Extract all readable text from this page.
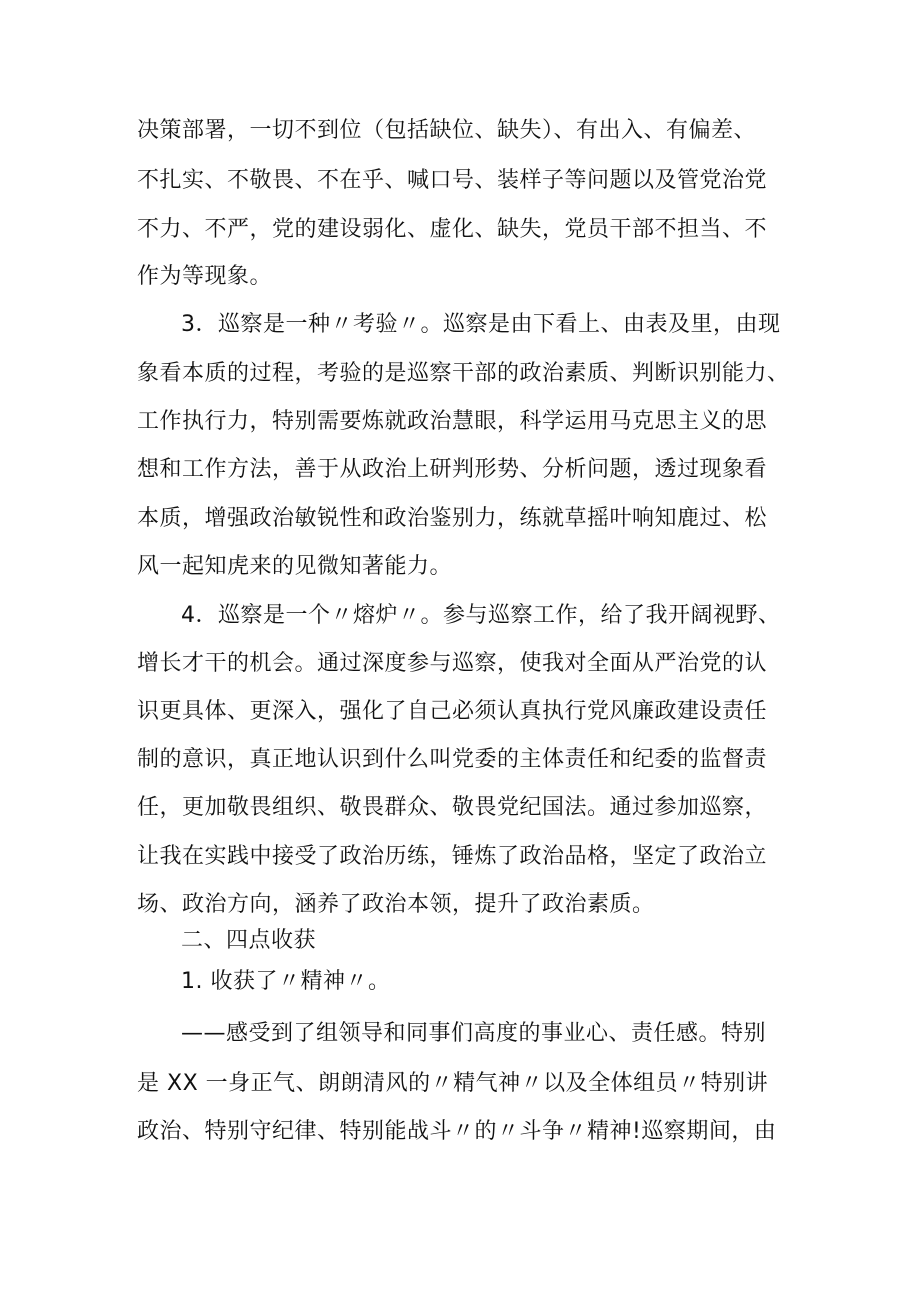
决策部署，一切不到位（包括缺位、缺失）、有出入、有偏差、
不扎实、不敬畏、不在乎、喊口号、装样子等问题以及管党治党
不力、不严，党的建设弱化、虚化、缺失，党员干部不担当、不
作为等现象。
3．巡察是一种〃考验〃。巡察是由下看上、由表及里，由现
象看本质的过程，考验的是巡察干部的政治素质、判断识别能力、
工作执行力，特别需要炼就政治慧眼，科学运用马克思主义的思
想和工作方法，善于从政治上研判形势、分析问题，透过现象看
本质，增强政治敏锐性和政治鉴别力，练就草摇叶响知鹿过、松
风一起知虎来的见微知著能力。
4．巡察是一个〃熔炉〃。参与巡察工作，给了我开阔视野、
增长才干的机会。通过深度参与巡察，使我对全面从严治党的认
识更具体、更深入，强化了自己必须认真执行党风廉政建设责任
制的意识，真正地认识到什么叫党委的主体责任和纪委的监督责
任，更加敬畏组织、敬畏群众、敬畏党纪国法。通过参加巡察，
让我在实践中接受了政治历练，锤炼了政治品格，坚定了政治立
场、政治方向，涵养了政治本领，提升了政治素质。
二、四点收获
1. 收获了〃精神〃。
——感受到了组领导和同事们高度的事业心、责任感。特别
是 XX 一身正气、朗朗清风的〃精气神〃以及全体组员〃特别讲
政治、特别守纪律、特别能战斗〃的〃斗争〃精神!巡察期间，由
